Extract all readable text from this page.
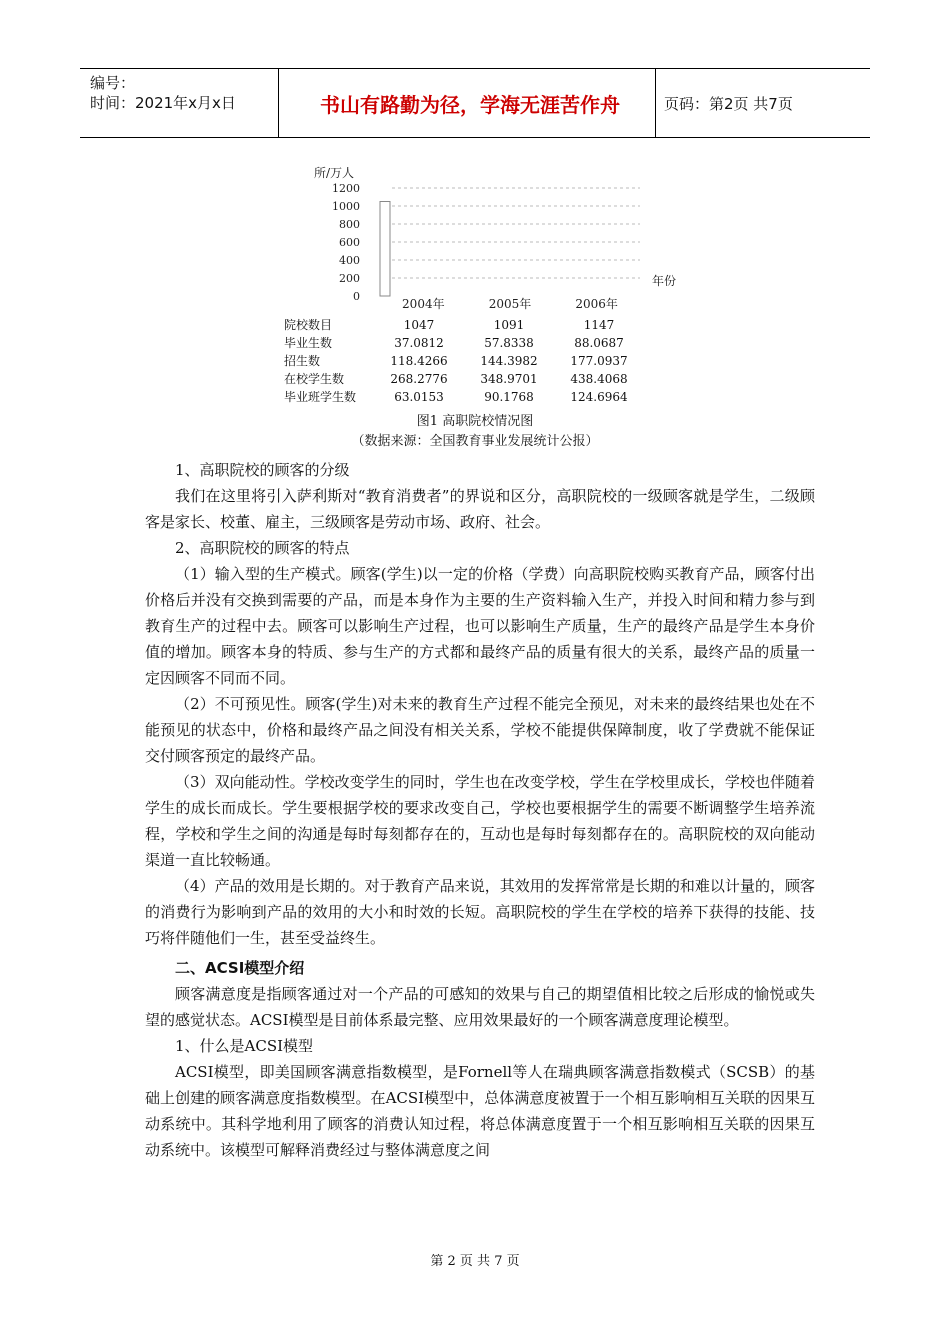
编号：
时间：2021年x月x日	书山有路勤为径，学海无涯苦作舟	页码：第2页 共7页
所/万人
1200
1000
800
600
400
200
0
2004年	2005年	2006年
年份
院校数目	1047	1091	1147
毕业生数	37.0812	57.8338	88.0687
招生数	118.4266	144.3982	177.0937
在校学生数	268.2776	348.9701	438.4068
毕业班学生数	63.0153	90.1768	124.6964
图1 高职院校情况图
（数据来源：全国教育事业发展统计公报）

1、高职院校的顾客的分级

我们在这里将引入萨利斯对“教育消费者”的界说和区分，高职院校的一级顾客就是学生，二级顾客是家长、校董、雇主，三级顾客是劳动市场、政府、社会。

2、高职院校的顾客的特点

（1）输入型的生产模式。顾客(学生)以一定的价格（学费）向高职院校购买教育产品，顾客付出价格后并没有交换到需要的产品，而是本身作为主要的生产资料输入生产，并投入时间和精力参与到教育生产的过程中去。顾客可以影响生产过程，也可以影响生产质量，生产的最终产品是学生本身价值的增加。顾客本身的特质、参与生产的方式都和最终产品的质量有很大的关系，最终产品的质量一定因顾客不同而不同。

（2）不可预见性。顾客(学生)对未来的教育生产过程不能完全预见，对未来的最终结果也处在不能预见的状态中，价格和最终产品之间没有相关关系，学校不能提供保障制度，收了学费就不能保证交付顾客预定的最终产品。

（3）双向能动性。学校改变学生的同时，学生也在改变学校，学生在学校里成长，学校也伴随着学生的成长而成长。学生要根据学校的要求改变自己，学校也要根据学生的需要不断调整学生培养流程，学校和学生之间的沟通是每时每刻都存在的，互动也是每时每刻都存在的。高职院校的双向能动渠道一直比较畅通。

（4）产品的效用是长期的。对于教育产品来说，其效用的发挥常常是长期的和难以计量的，顾客的消费行为影响到产品的效用的大小和时效的长短。高职院校的学生在学校的培养下获得的技能、技巧将伴随他们一生，甚至受益终生。

二、ACSI模型介绍

顾客满意度是指顾客通过对一个产品的可感知的效果与自己的期望值相比较之后形成的愉悦或失望的感觉状态。ACSI模型是目前体系最完整、应用效果最好的一个顾客满意度理论模型。

1、什么是ACSI模型

ACSI模型，即美国顾客满意指数模型，是Fornell等人在瑞典顾客满意指数模式（SCSB）的基础上创建的顾客满意度指数模型。在ACSI模型中，总体满意度被置于一个相互影响相互关联的因果互动系统中。其科学地利用了顾客的消费认知过程，将总体满意度置于一个相互影响相互关联的因果互动系统中。该模型可解释消费经过与整体满意度之间

第 2 页 共 7 页
